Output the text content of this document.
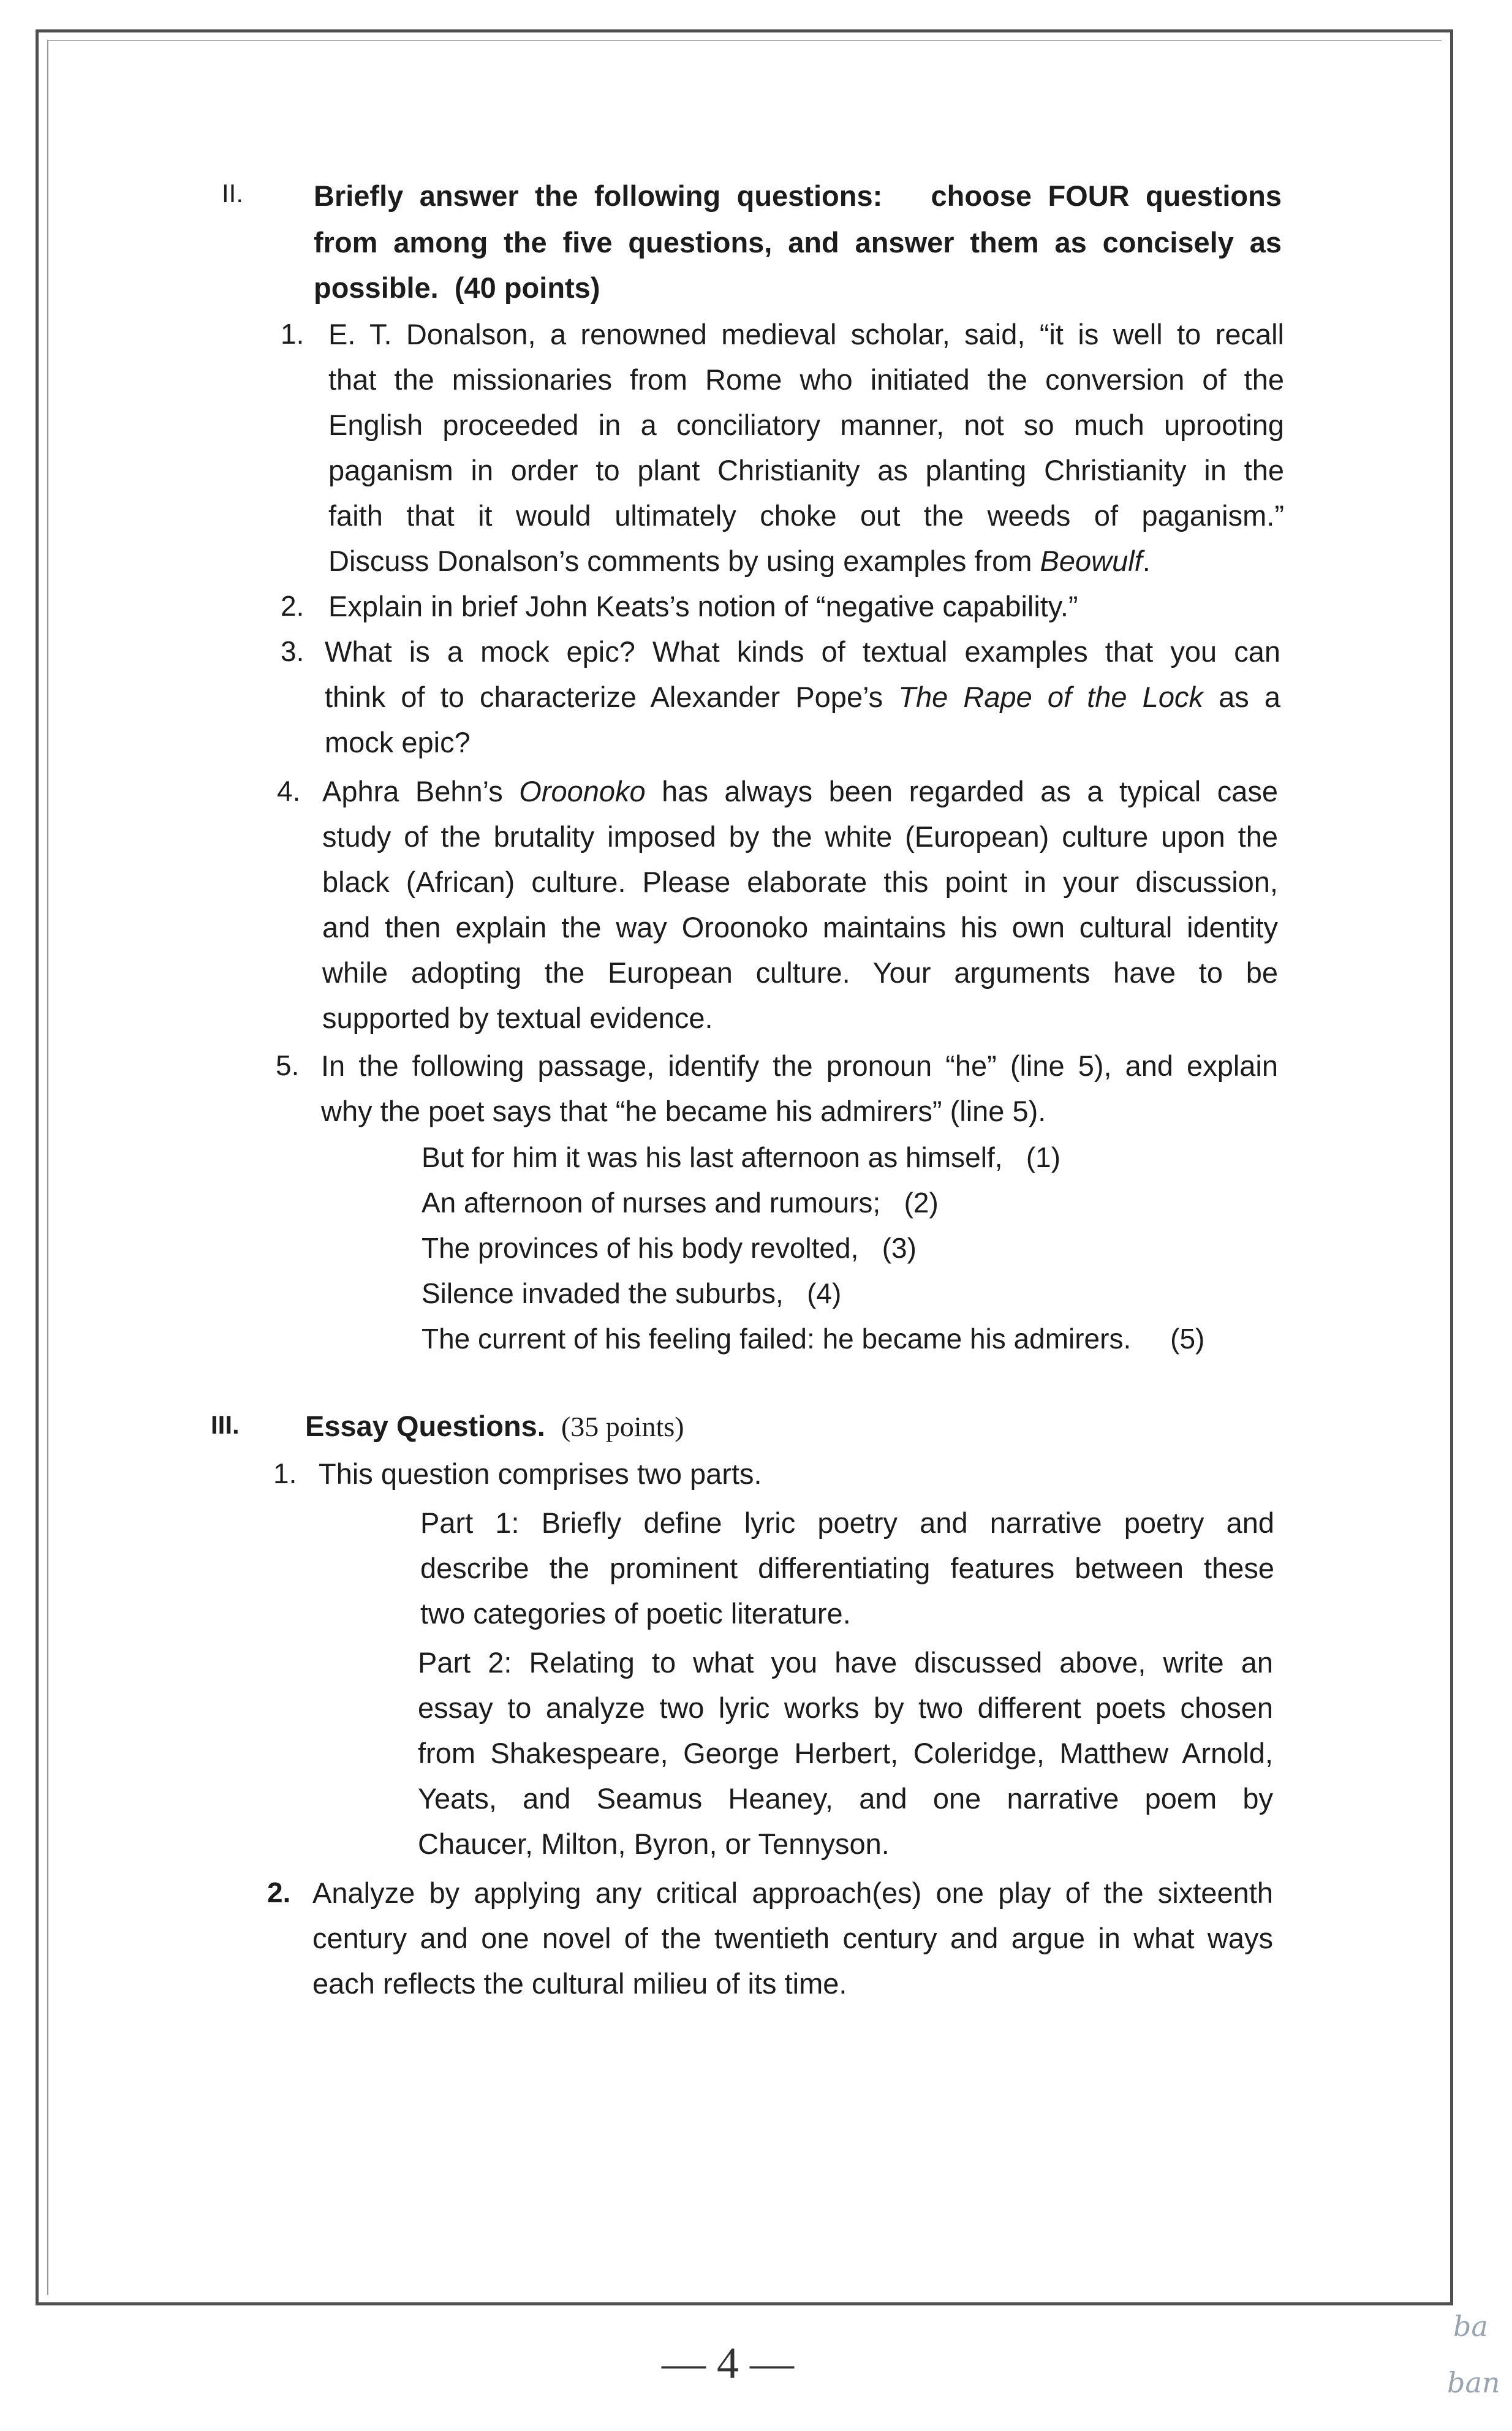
II. Briefly answer the following questions: choose FOUR questions
from among the five questions, and answer them as concisely as
possible. (40 points)
1. E. T. Donalson, a renowned medieval scholar, said, “it is well to recall
that the missionaries from Rome who initiated the conversion of the
English proceeded in a conciliatory manner, not so much uprooting
paganism in order to plant Christianity as planting Christianity in the
faith that it would ultimately choke out the weeds of paganism.”
Discuss Donalson’s comments by using examples from Beowulf.
2. Explain in brief John Keats’s notion of “negative capability.”
3. What is a mock epic? What kinds of textual examples that you can
think of to characterize Alexander Pope’s The Rape of the Lock as a
mock epic?
4. Aphra Behn’s Oroonoko has always been regarded as a typical case
study of the brutality imposed by the white (European) culture upon the
black (African) culture. Please elaborate this point in your discussion,
and then explain the way Oroonoko maintains his own cultural identity
while adopting the European culture. Your arguments have to be
supported by textual evidence.
5. In the following passage, identify the pronoun “he” (line 5), and explain
why the poet says that “he became his admirers” (line 5).
But for him it was his last afternoon as himself, (1)
An afternoon of nurses and rumours; (2)
The provinces of his body revolted, (3)
Silence invaded the suburbs, (4)
The current of his feeling failed: he became his admirers. (5)
III. Essay Questions. (35 points)
1. This question comprises two parts.
Part 1: Briefly define lyric poetry and narrative poetry and
describe the prominent differentiating features between these
two categories of poetic literature.
Part 2: Relating to what you have discussed above, write an
essay to analyze two lyric works by two different poets chosen
from Shakespeare, George Herbert, Coleridge, Matthew Arnold,
Yeats, and Seamus Heaney, and one narrative poem by
Chaucer, Milton, Byron, or Tennyson.
2. Analyze by applying any critical approach(es) one play of the sixteenth
century and one novel of the twentieth century and argue in what ways
each reflects the cultural milieu of its time.
— 4 —
ba
ban
